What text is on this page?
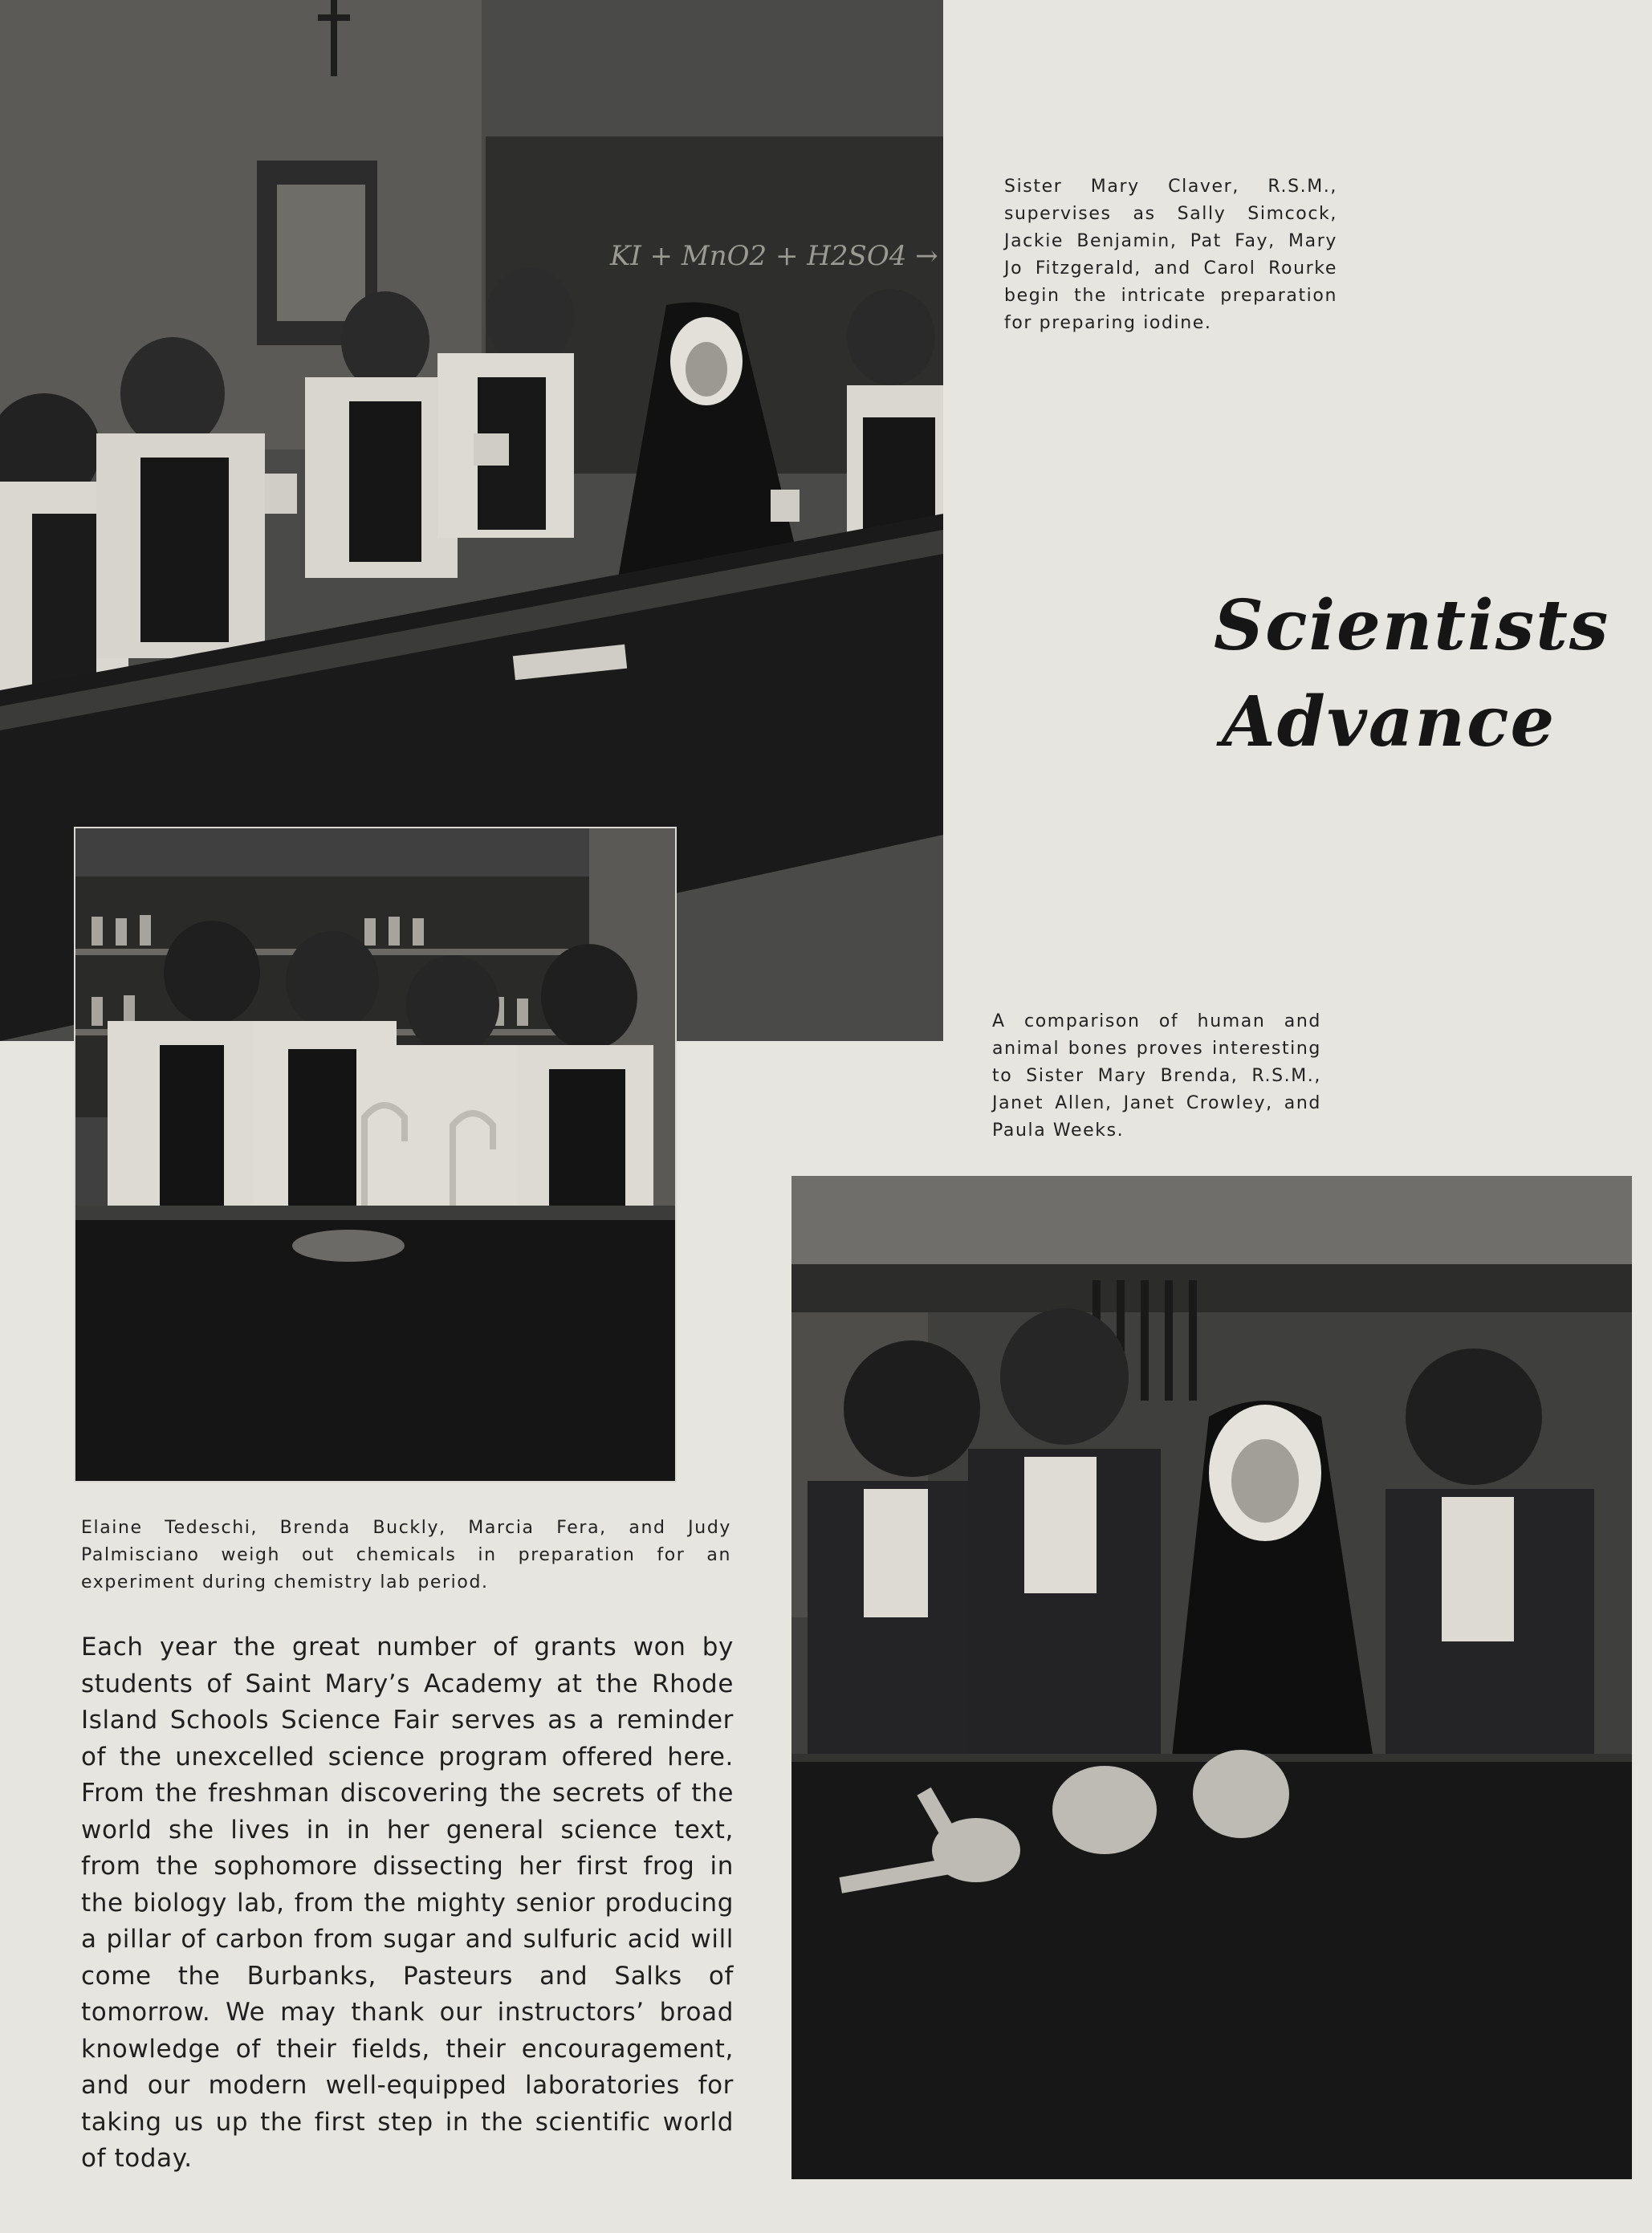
KI + MnO2 + H2SO4 →

Sister Mary Claver, R.S.M., supervises as Sally Simcock, Jackie Benjamin, Pat Fay, Mary Jo Fitzgerald, and Carol Rourke begin the intricate preparation for preparing iodine.

Scientists
Advance

A comparison of human and animal bones proves interesting to Sister Mary Brenda, R.S.M., Janet Allen, Janet Crowley, and Paula Weeks.

Elaine Tedeschi, Brenda Buckly, Marcia Fera, and Judy Palmisciano weigh out chemicals in preparation for an experiment during chemistry lab period.

Each year the great number of grants won by students of Saint Mary’s Academy at the Rhode Island Schools Science Fair serves as a reminder of the unexcelled science program offered here. From the freshman discovering the secrets of the world she lives in in her general science text, from the sophomore dissecting her first frog in the biology lab, from the mighty senior producing a pillar of carbon from sugar and sulfuric acid will come the Burbanks, Pasteurs and Salks of tomorrow. We may thank our instructors’ broad knowledge of their fields, their encouragement, and our modern well-equipped laboratories for taking us up the first step in the scientific world of today.
